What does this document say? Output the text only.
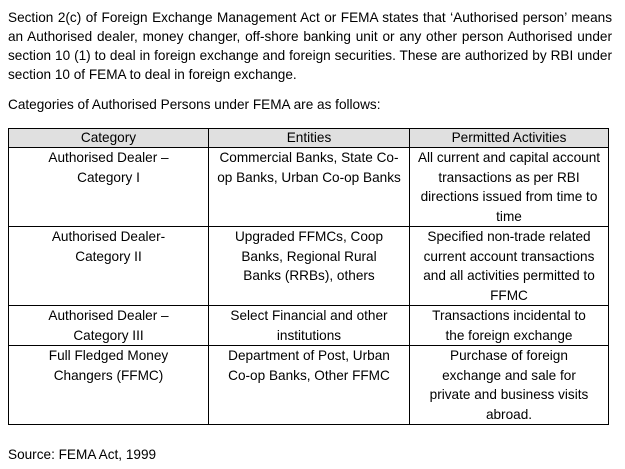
Section 2(c) of Foreign Exchange Management Act or FEMA states that ‘Authorised person’ means an Authorised dealer, money changer, off-shore banking unit or any other person Authorised under section 10 (1) to deal in foreign exchange and foreign securities. These are authorized by RBI under section 10 of FEMA to deal in foreign exchange.

Categories of Authorised Persons under FEMA are as follows:

Category	Entities	Permitted Activities
Authorised Dealer – Category I	Commercial Banks, State Co-op Banks, Urban Co-op Banks	All current and capital account transactions as per RBI directions issued from time to time
Authorised Dealer-Category II	Upgraded FFMCs, Coop Banks, Regional Rural Banks (RRBs), others	Specified non-trade related current account transactions and all activities permitted to FFMC
Authorised Dealer – Category III	Select Financial and other institutions	Transactions incidental to the foreign exchange
Full Fledged Money Changers (FFMC)	Department of Post, Urban Co-op Banks, Other FFMC	Purchase of foreign exchange and sale for private and business visits abroad.

Source: FEMA Act, 1999
